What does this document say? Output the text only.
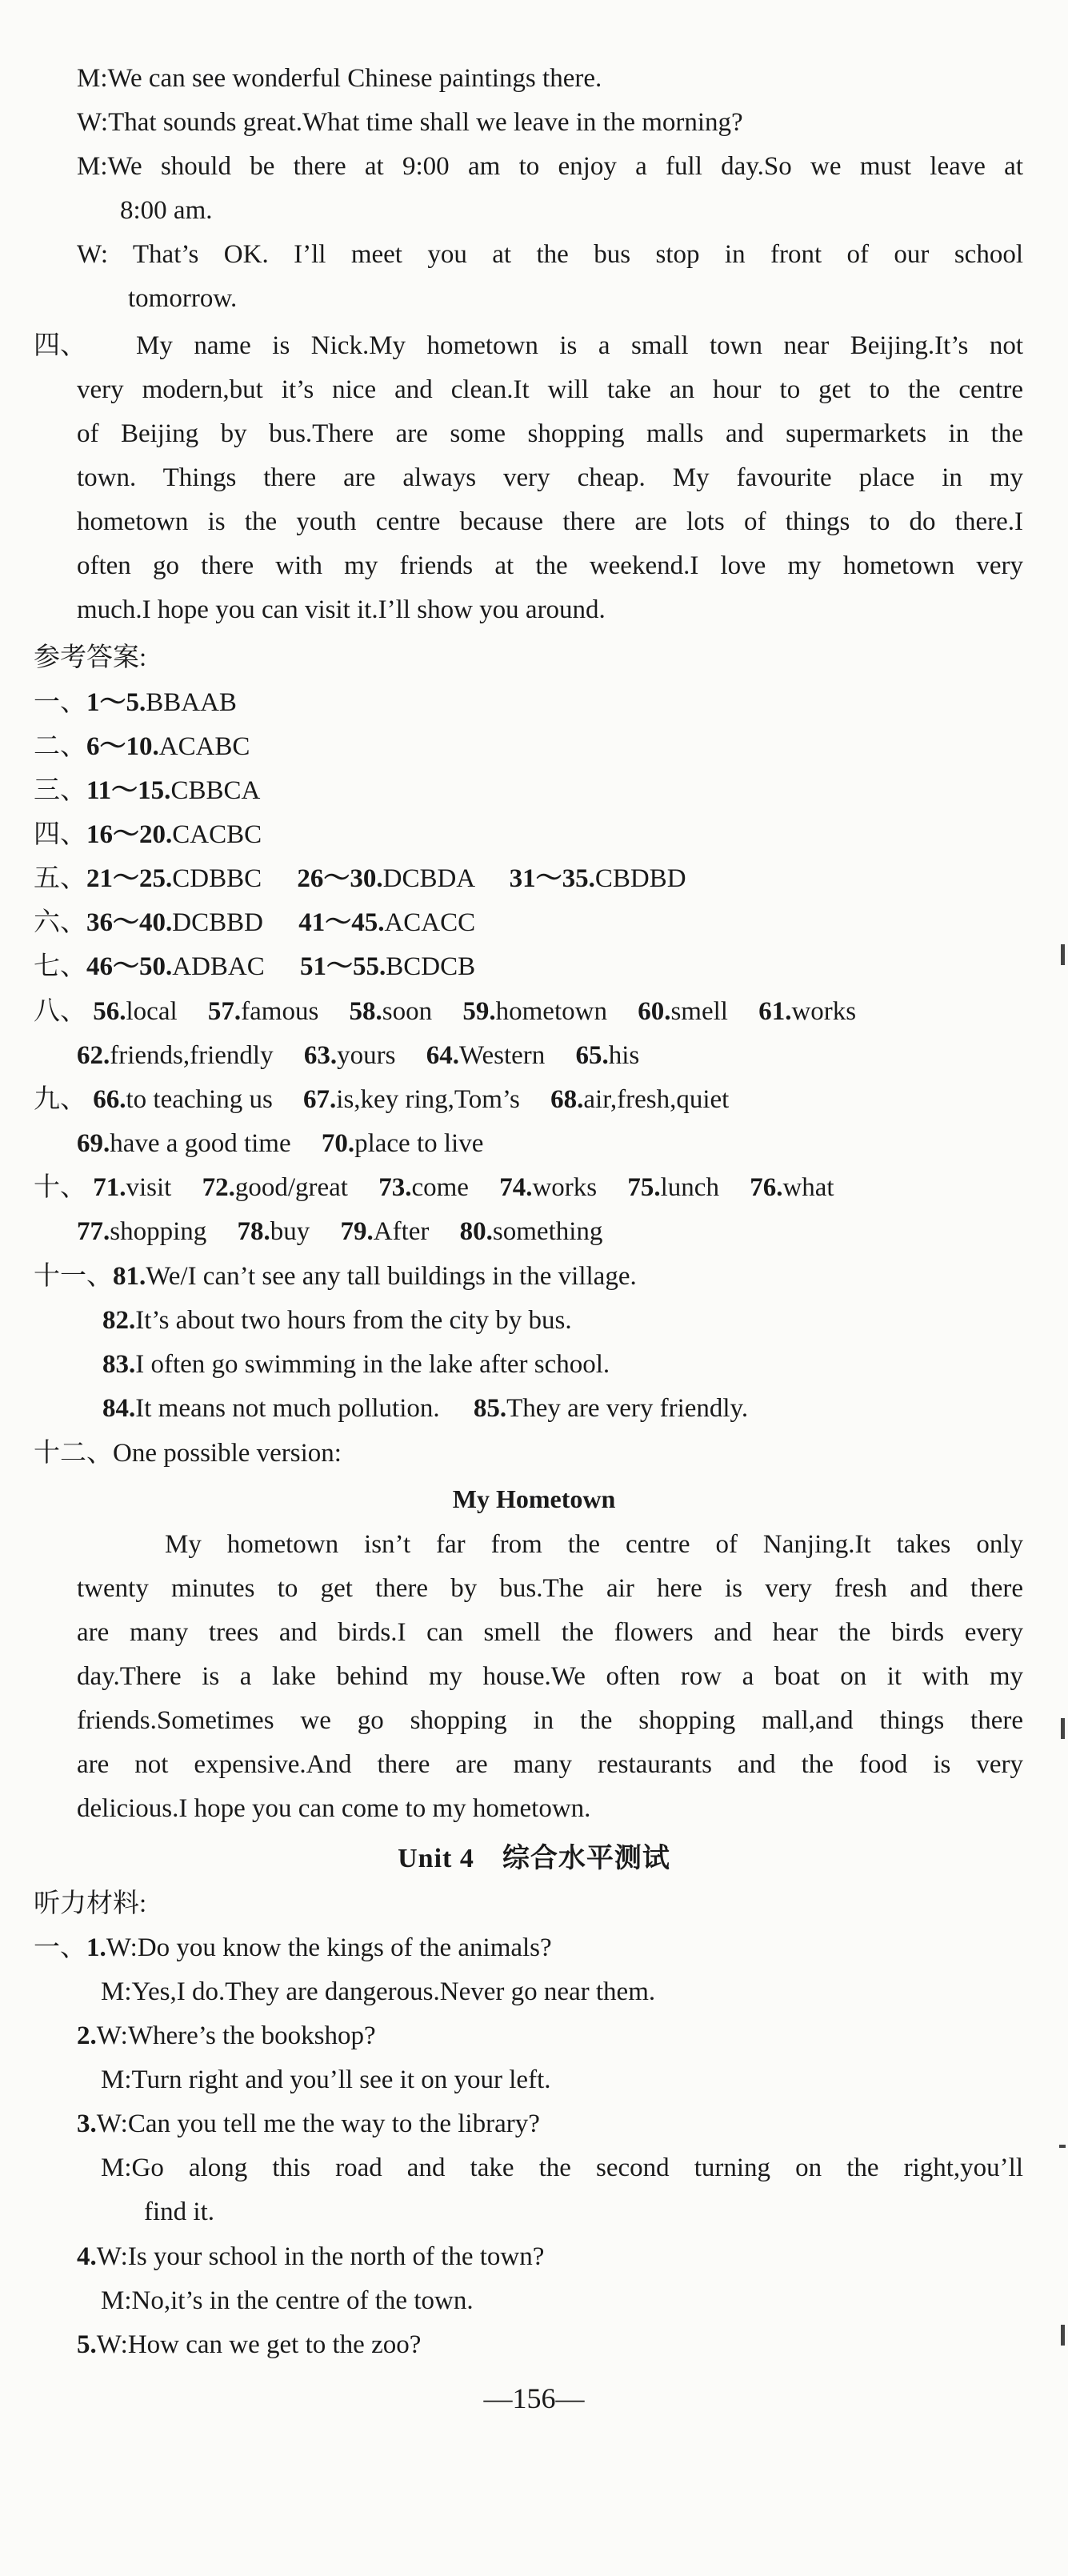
M:We can see wonderful Chinese paintings there.
W:That sounds great.What time shall we leave in the morning?
M:We should be there at 9:00 am to enjoy a full day.So we must leave at
8:00 am.
W: That’s OK. I’ll meet you at the bus stop in front of our school
tomorrow.
四、 My name is Nick.My hometown is a small town near Beijing.It’s not
very modern,but it’s nice and clean.It will take an hour to get to the centre
of Beijing by bus.There are some shopping malls and supermarkets in the
town. Things there are always very cheap. My favourite place in my
hometown is the youth centre because there are lots of things to do there.I
often go there with my friends at the weekend.I love my hometown very
much.I hope you can visit it.I’ll show you around.
参考答案:
一、1～5.BBAAB
二、6～10.ACABC
三、11～15.CBBCA
四、16～20.CACBC
五、21～25.CDBBC 26～30.DCBDA 31～35.CBDBD
六、36～40.DCBBD 41～45.ACACC
七、46～50.ADBAC 51～55.BCDCB
八、 56.local 57.famous 58.soon 59.hometown 60.smell 61.works
62.friends,friendly 63.yours 64.Western 65.his
九、 66.to teaching us 67.is,key ring,Tom’s 68.air,fresh,quiet
69.have a good time 70.place to live
十、 71.visit 72.good/great 73.come 74.works 75.lunch 76.what
77.shopping 78.buy 79.After 80.something
十一、81.We/I can’t see any tall buildings in the village.
82.It’s about two hours from the city by bus.
83.I often go swimming in the lake after school.
84.It means not much pollution. 85.They are very friendly.
十二、One possible version:
My Hometown
My hometown isn’t far from the centre of Nanjing.It takes only
twenty minutes to get there by bus.The air here is very fresh and there
are many trees and birds.I can smell the flowers and hear the birds every
day.There is a lake behind my house.We often row a boat on it with my
friends.Sometimes we go shopping in the shopping mall,and things there
are not expensive.And there are many restaurants and the food is very
delicious.I hope you can come to my hometown.
Unit 4　综合水平测试
听力材料:
一、1.W:Do you know the kings of the animals?
M:Yes,I do.They are dangerous.Never go near them.
2.W:Where’s the bookshop?
M:Turn right and you’ll see it on your left.
3.W:Can you tell me the way to the library?
M:Go along this road and take the second turning on the right,you’ll
find it.
4.W:Is your school in the north of the town?
M:No,it’s in the centre of the town.
5.W:How can we get to the zoo?
—156—
